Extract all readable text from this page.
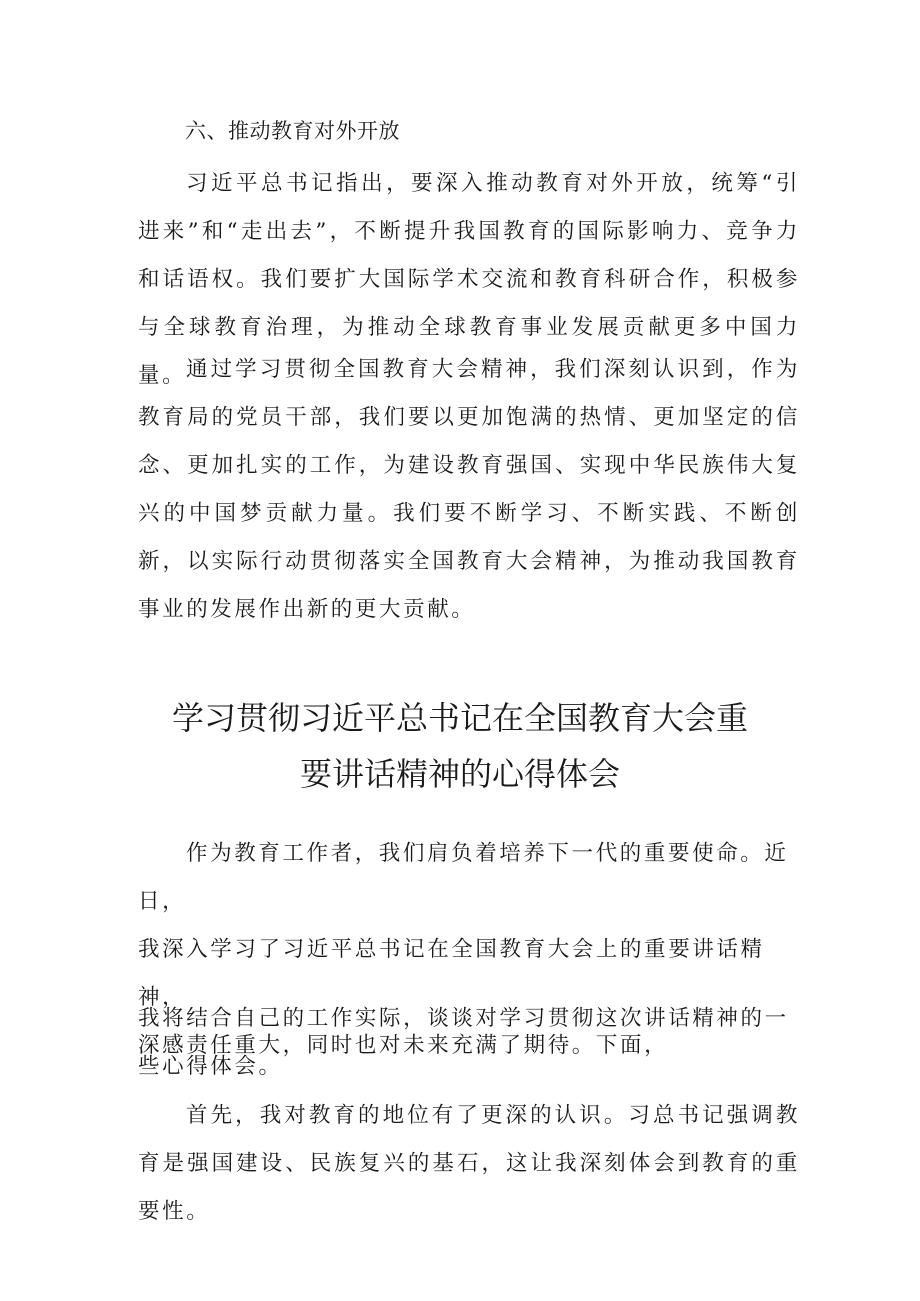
六、推动教育对外开放

习近平总书记指出，要深入推动教育对外开放，统筹“引进来”和“走出去”，不断提升我国教育的国际影响力、竞争力和话语权。我们要扩大国际学术交流和教育科研合作，积极参与全球教育治理，为推动全球教育事业发展贡献更多中国力量。 通过学习贯彻全国教育大会精神，我们深刻认识到，作为教育局的党员干部，我们要以更加饱满的热情、更加坚定的信念、更加扎实的工作，为建设教育强国、实现中华民族伟大复兴的中国梦贡献力量。我们要不断学习、不断实践、不断创新，以实际行动贯彻落实全国教育大会精神，为推动我国教育事业的发展作出新的更大贡献。

学习贯彻习近平总书记在全国教育大会重
要讲话精神的心得体会

作为教育工作者，我们肩负着培养下一代的重要使命。近日，
我深入学习了习近平总书记在全国教育大会上的重要讲话精神，
深感责任重大，同时也对未来充满了期待。下面，

我将结合自己的工作实际，谈谈对学习贯彻这次讲话精神的一些心得体会。

首先，我对教育的地位有了更深的认识。习总书记强调教育是强国建设、民族复兴的基石，这让我深刻体会到教育的重要性。
